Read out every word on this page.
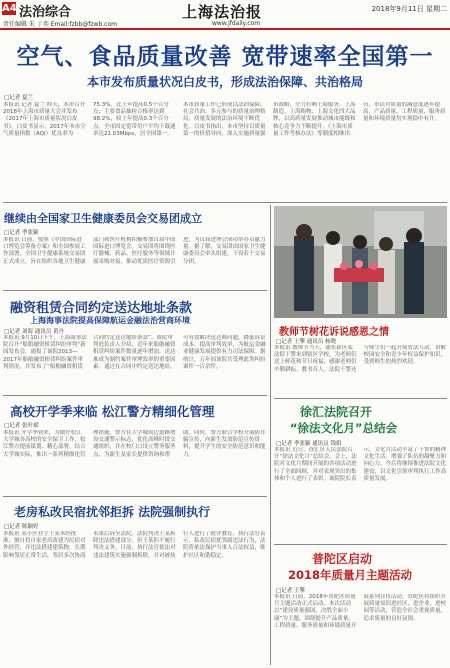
A4 法治综合
责任编辑 朱 丁奕 Email:fzbb@fzwb.com
上海法治报
www.jfdaily.com
2018年9月11日 星期二
空气、食品质量改善 宽带速率全国第一
本市发布质量状况白皮书，形成法治保障、共治格局
□记者 夏兰
本报讯 记者 夏兰 昨天，本市召开2018年上海市质量大会并发布《2017年上海市质量状况白皮书》。白皮书显示，2017年本市空气质量指数（AQI）优良率为75.3%，比上年提高0.5个百分点；主要食品抽检合格率达到98.2%，较上年提高0.3个百分点。全市固定宽带用户平均下载速率达21.03Mbps，居全国第一。本市质量工作已形成以法治保障、社会共治、多元参与的质量治理格局，质量发展的法治环境不断优化。白皮书指出，本市坚持以质量第一的价值导向，深入实施质量强市战略，全力打响上海服务、上海制造、上海购物、上海文化四大品牌，以高质量发展推动城市能级和核心竞争力不断提升。《上海市质量工作考核办法》等制度相继出台，市民对质量的满意度逐年提高，产品质量、工程质量、服务质量和环境质量均实现稳中有升。
继续由全国家卫生健康委员会交易团成立
□记者 季张颖
本报讯 日前，按照《中国国际进口博览会筹备方案》和全国参展工作部署，全国卫生健康系统交易团正式成立，旨在组织各地卫生健康部门和医疗机构积极参加首届中国国际进口博览会。交易团将围绕医疗器械、药品、医疗服务等领域开展采购对接，推动优质医疗资源引进，为首届进博会成功举办贡献力量。据了解，交易团由国家卫生健康委员会牵头组建，下设若干交易分团。
融资租赁合同约定送达地址条款
上海海事法院提高保障航运金融法治营商环境
□记者 刘海 通讯员 黄丹
本报讯 9月10日下午，上海海事法院召开“船舶融资租赁纠纷审判”新闻发布会，通报了该院2013—2017年船舶融资租赁纠纷案件审判情况，并发布了“船舶融资租赁合同约定送达地址条款”。该院审判庭负责人介绍，近年来船舶融资租赁纠纷案件数量逐年增加，送达难成为制约案件审理效率的重要因素。通过在合同中约定送达地址，可有效解决送达难问题，降低诉讼成本，提高审判效率，为航运金融业健康发展提供有力司法保障。据统计，五年间该院共受理此类纠纷案件一百余件。
高校开学季来临 松江警方精细化管理
□记者 张叶斌
本报讯 开学季到来，为做好松江大学城各高校的安全保卫工作，松江警方提前谋划、精心部署，结合大学城实际，推出一系列精细化管理措施。警方在大学城周边道路增设交通警示标志，优化高峰时段交通组织，并在校门口设立警务服务点，为新生及家长提供咨询和帮助。同时，警方联合学校开展防诈骗宣传，向新生发放防范宣传资料，提升学生的安全防范意识和能力。
老房私改民宿扰邻拒拆 法院强制执行
□记者 陈颖婷
本报讯 某小区业主王某未经批准，擅自将自家老房改建为民宿对外经营，并违法搭建建筑物，长期影响邻居正常生活，邻居多次协商未果后诉至法院。法院判决王某拆除违法搭建部分，但王某拒不履行判决义务。日前，执行法官依法对违法建筑实施强制拆除，并对被执行人进行了批评教育。执行法官表示，私改民宿扰邻属违法行为，法院将依法保护当事人合法权益，维护社区和谐稳定。
教师节树花诉说感恩之情
□记者 王擎 通讯员 杨晓
本报讯 教师节当天，浦东新区某法院干警来到辖区学校，为老师们送上鲜花和节日祝福，感谢老师们辛勤耕耘、教书育人。法院干警还与师生们一起开展普法互动，讲解校园安全和青少年权益保护知识，受到师生的热烈欢迎。
徐汇法院召开
“徐法文化月”总结会
□记者 季张颖 通讯员 钱娟
本报讯 近日，徐汇区人民法院召开“徐法文化月”总结会。会上，法院对文化月期间开展的各项活动进行了全面回顾，并对表现突出的集体和个人进行了表彰。该院院长表示，文化月活动丰富了干警的精神文化生活，增强了队伍的凝聚力和向心力，今后将继续推进法院文化建设，以文化引领审判执行工作高质量发展。
普陀区启动
2018年质量月主题活动
□记者 王擎
本报讯 日前，2018年普陀区质量月主题活动正式启动。本次活动以“建设质量强国，决胜全面小康”为主题，围绕提升产品质量、工程质量、服务质量和环境质量开展系列宣传活动。普陀区将组织开展质量知识进社区、进企业、进校园等活动，营造全社会重视质量、追求质量的良好氛围。
